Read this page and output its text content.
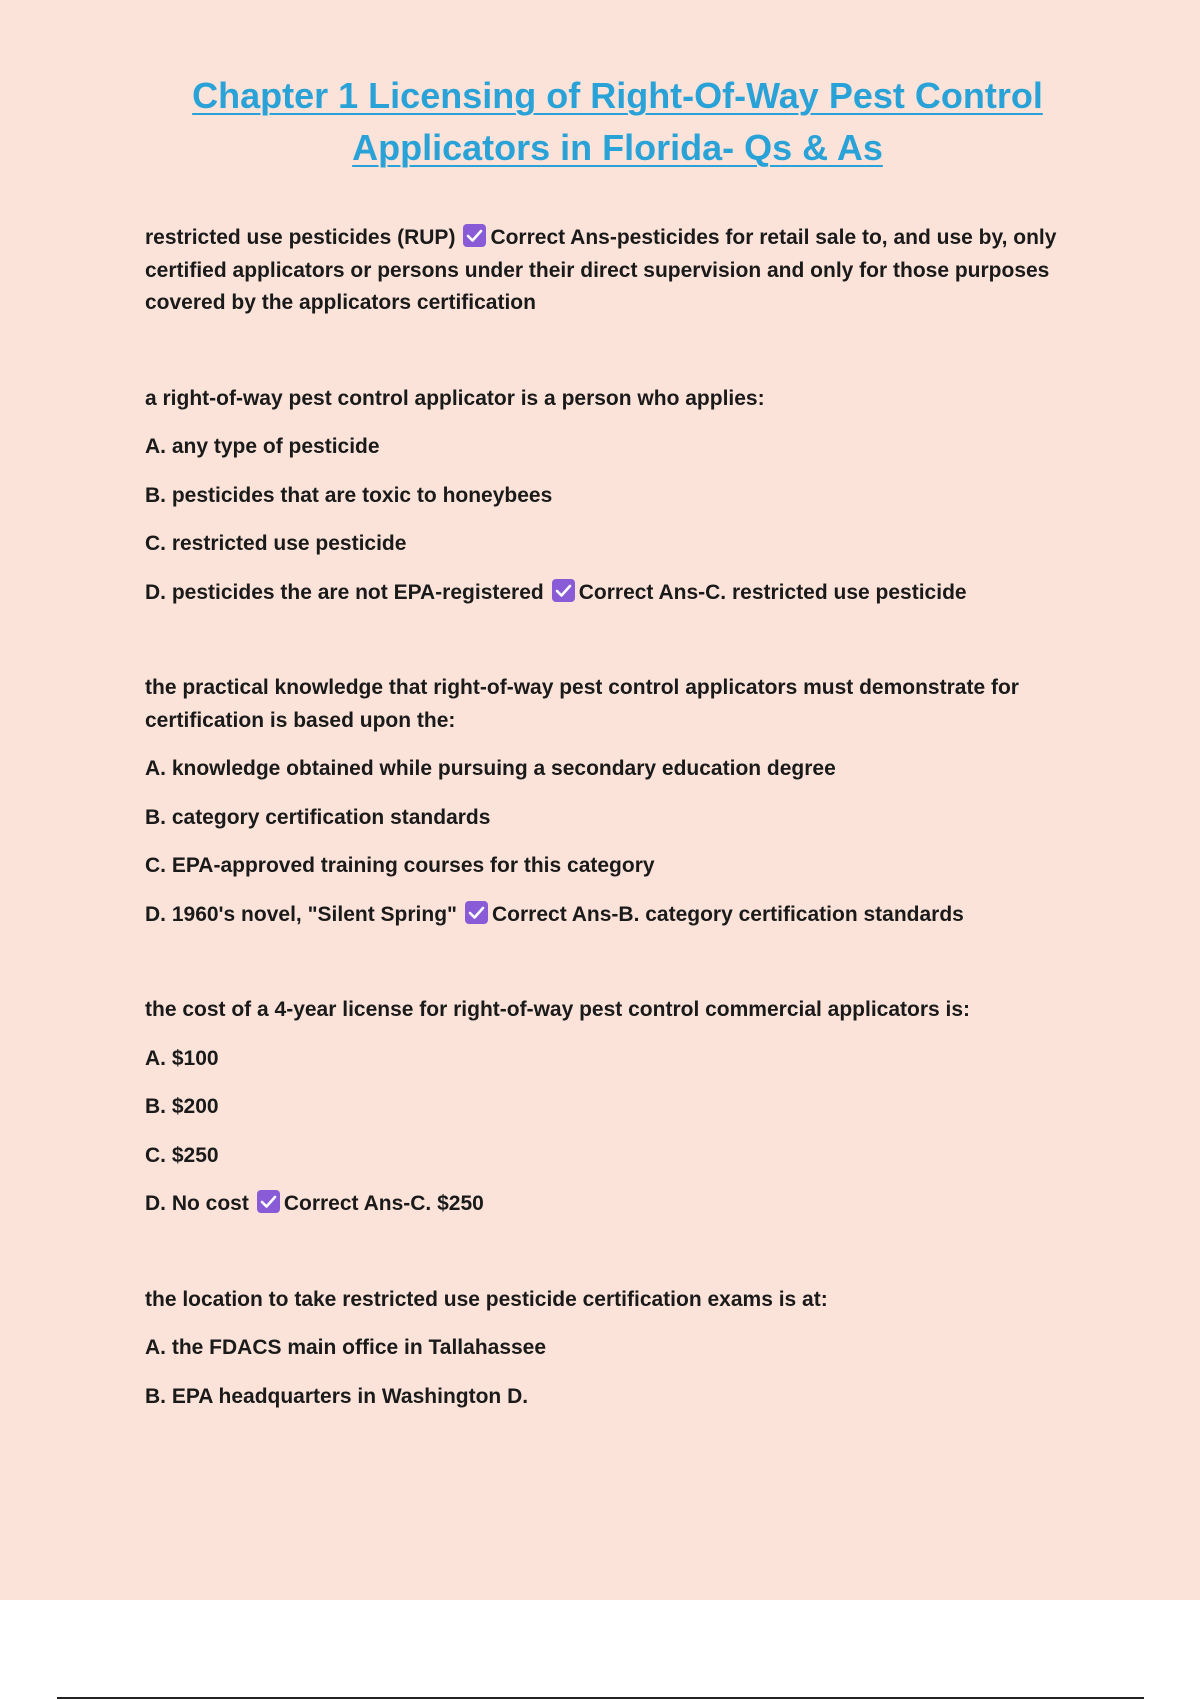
Chapter 1 Licensing of Right-Of-Way Pest Control Applicators in Florida- Qs & As

restricted use pesticides (RUP) Correct Ans-pesticides for retail sale to, and use by, only certified applicators or persons under their direct supervision and only for those purposes covered by the applicators certification

a right-of-way pest control applicator is a person who applies:

A. any type of pesticide

B. pesticides that are toxic to honeybees

C. restricted use pesticide

D. pesticides the are not EPA-registered Correct Ans-C. restricted use pesticide

the practical knowledge that right-of-way pest control applicators must demonstrate for certification is based upon the:

A. knowledge obtained while pursuing a secondary education degree

B. category certification standards

C. EPA-approved training courses for this category

D. 1960's novel, "Silent Spring" Correct Ans-B. category certification standards

the cost of a 4-year license for right-of-way pest control commercial applicators is:

A. $100

B. $200

C. $250

D. No cost Correct Ans-C. $250

the location to take restricted use pesticide certification exams is at:

A. the FDACS main office in Tallahassee

B. EPA headquarters in Washington D.
